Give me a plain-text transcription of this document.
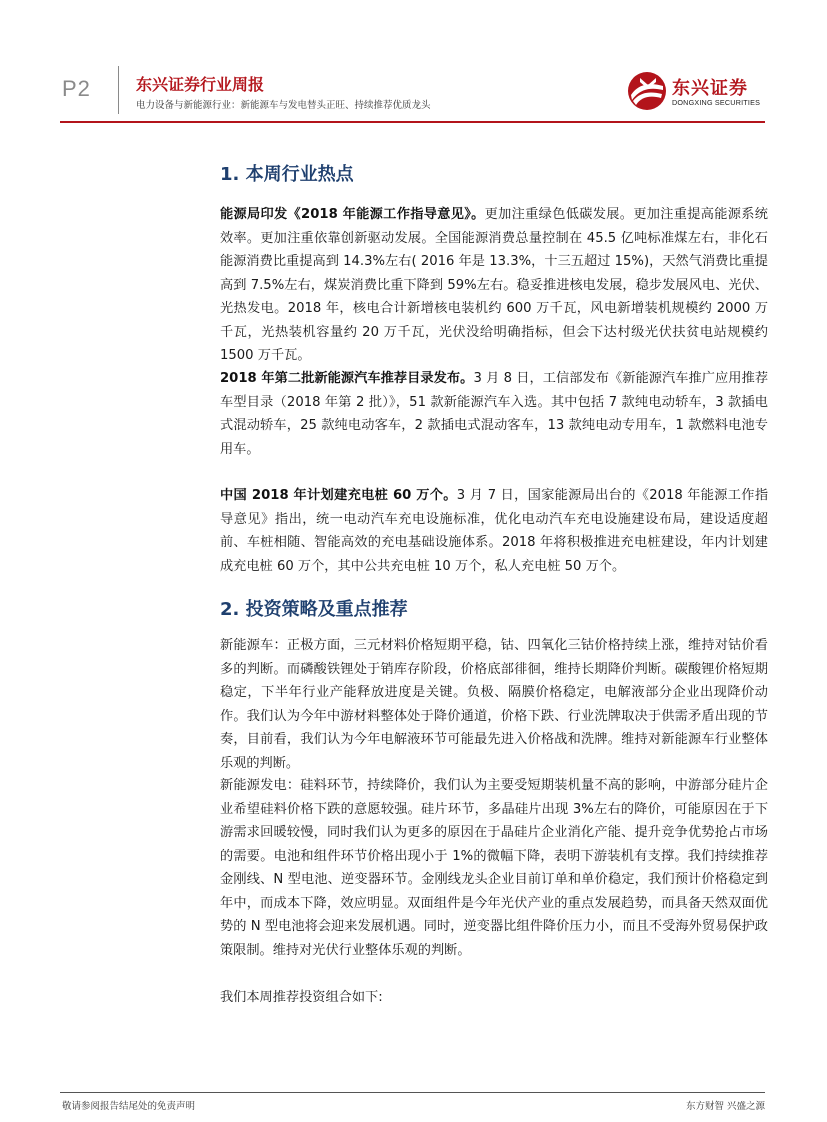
P2	东兴证券行业周报
电力设备与新能源行业：新能源车与发电替头正旺、持续推荐优质龙头
东兴证券
DONGXING SECURITIES
1. 本周行业热点
能源局印发《2018 年能源工作指导意见》。更加注重绿色低碳发展。更加注重提高能源系统效率。更加注重依靠创新驱动发展。全国能源消费总量控制在 45.5 亿吨标准煤左右，非化石能源消费比重提高到 14.3%左右( 2016 年是 13.3%，十三五超过 15%)，天然气消费比重提高到 7.5%左右，煤炭消费比重下降到 59%左右。稳妥推进核电发展，稳步发展风电、光伏、光热发电。2018 年，核电合计新增核电装机约 600 万千瓦，风电新增装机规模约 2000 万千瓦，光热装机容量约 20 万千瓦，光伏没给明确指标，但会下达村级光伏扶贫电站规模约 1500 万千瓦。
2018 年第二批新能源汽车推荐目录发布。3 月 8 日，工信部发布《新能源汽车推广应用推荐车型目录（2018 年第 2 批）》，51 款新能源汽车入选。其中包括 7 款纯电动轿车，3 款插电式混动轿车，25 款纯电动客车，2 款插电式混动客车，13 款纯电动专用车，1 款燃料电池专用车。
中国 2018 年计划建充电桩 60 万个。3 月 7 日，国家能源局出台的《2018 年能源工作指导意见》指出，统一电动汽车充电设施标准，优化电动汽车充电设施建设布局，建设适度超前、车桩相随、智能高效的充电基础设施体系。2018 年将积极推进充电桩建设，年内计划建成充电桩 60 万个，其中公共充电桩 10 万个，私人充电桩 50 万个。
2. 投资策略及重点推荐
新能源车：正极方面，三元材料价格短期平稳，钴、四氧化三钴价格持续上涨，维持对钴价看多的判断。而磷酸铁锂处于销库存阶段，价格底部徘徊，维持长期降价判断。碳酸锂价格短期稳定，下半年行业产能释放进度是关键。负极、隔膜价格稳定，电解液部分企业出现降价动作。我们认为今年中游材料整体处于降价通道，价格下跌、行业洗牌取决于供需矛盾出现的节奏，目前看，我们认为今年电解液环节可能最先进入价格战和洗牌。维持对新能源车行业整体乐观的判断。
新能源发电：硅料环节，持续降价，我们认为主要受短期装机量不高的影响，中游部分硅片企业希望硅料价格下跌的意愿较强。硅片环节，多晶硅片出现 3%左右的降价，可能原因在于下游需求回暖较慢，同时我们认为更多的原因在于晶硅片企业消化产能、提升竞争优势抢占市场的需要。电池和组件环节价格出现小于 1%的微幅下降，表明下游装机有支撑。我们持续推荐金刚线、N 型电池、逆变器环节。金刚线龙头企业目前订单和单价稳定，我们预计价格稳定到年中，而成本下降，效应明显。双面组件是今年光伏产业的重点发展趋势，而具备天然双面优势的 N 型电池将会迎来发展机遇。同时，逆变器比组件降价压力小，而且不受海外贸易保护政策限制。维持对光伏行业整体乐观的判断。
我们本周推荐投资组合如下:
敬请参阅报告结尾处的免责声明	东方财智 兴盛之源
